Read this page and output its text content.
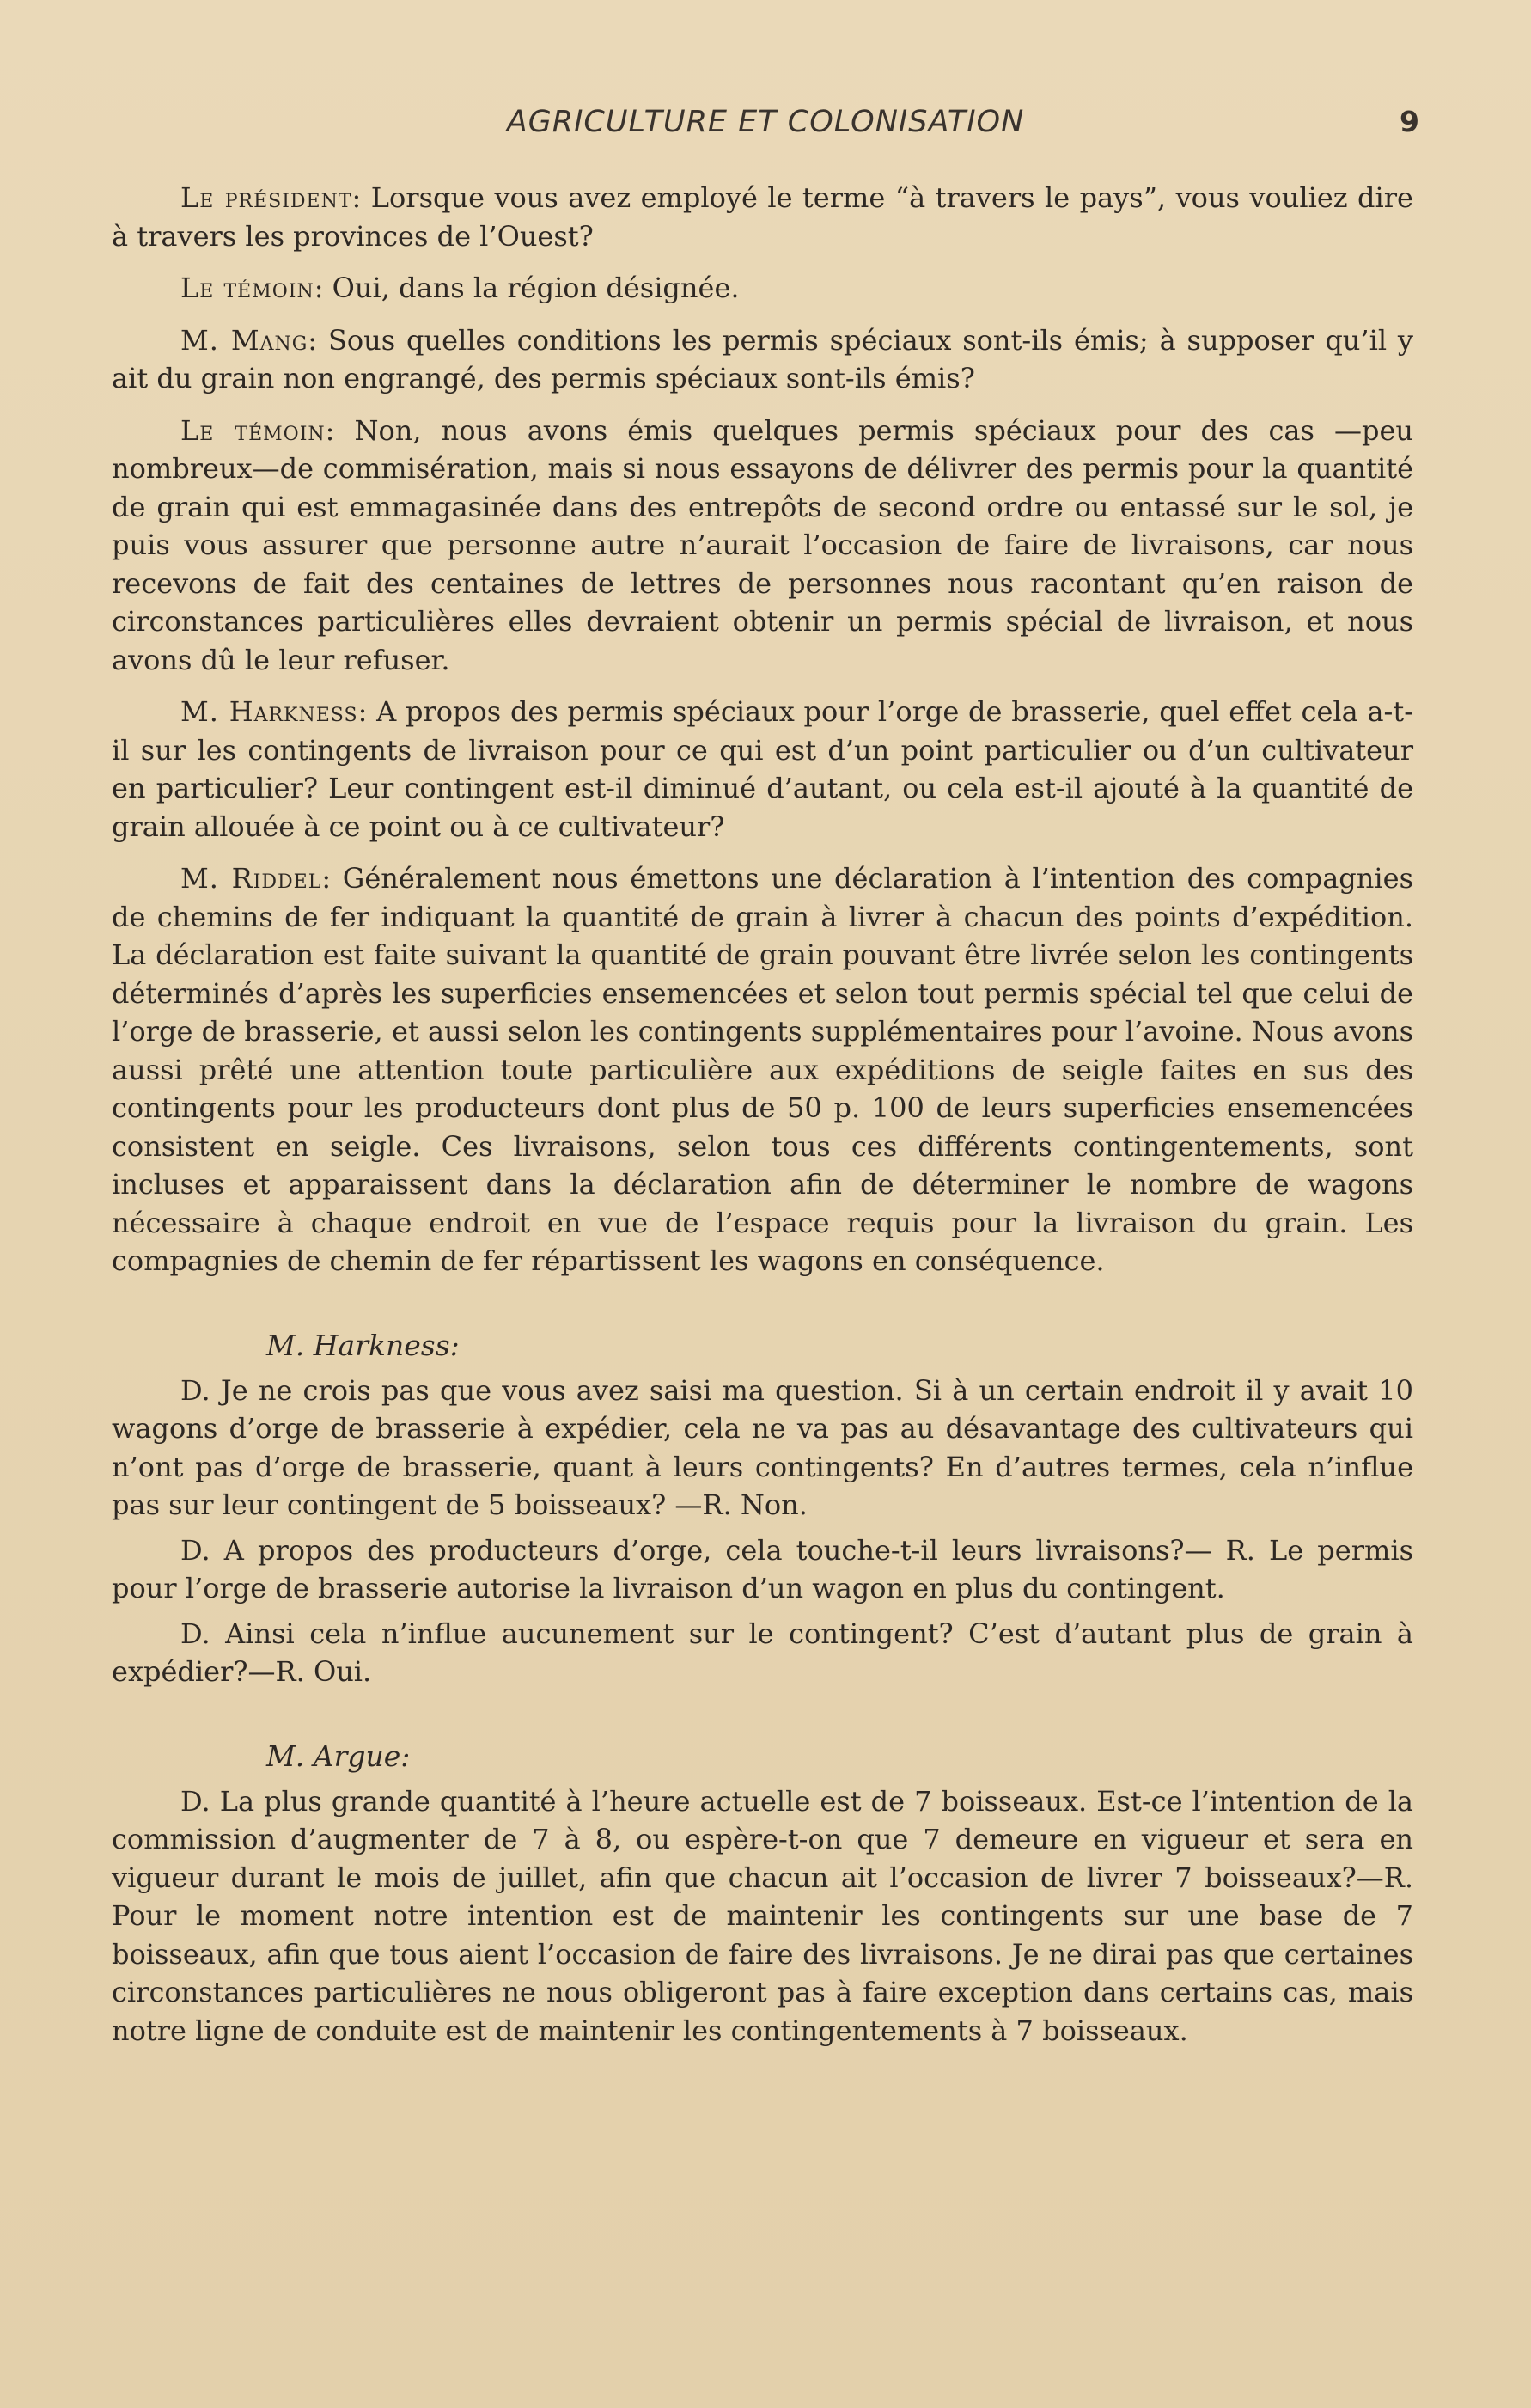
AGRICULTURE ET COLONISATION	9

Le président: Lorsque vous avez employé le terme “à travers le pays”, vous vouliez dire à travers les provinces de l’Ouest?

Le témoin: Oui, dans la région désignée.

M. Mang: Sous quelles conditions les permis spéciaux sont-ils émis; à supposer qu’il y ait du grain non engrangé, des permis spéciaux sont-ils émis?

Le témoin: Non, nous avons émis quelques permis spéciaux pour des cas —peu nombreux—de commisération, mais si nous essayons de délivrer des permis pour la quantité de grain qui est emmagasinée dans des entrepôts de second ordre ou entassé sur le sol, je puis vous assurer que personne autre n’aurait l’occasion de faire de livraisons, car nous recevons de fait des centaines de lettres de personnes nous racontant qu’en raison de circonstances particulières elles devraient obtenir un permis spécial de livraison, et nous avons dû le leur refuser.

M. Harkness: A propos des permis spéciaux pour l’orge de brasserie, quel effet cela a-t-il sur les contingents de livraison pour ce qui est d’un point particulier ou d’un cultivateur en particulier? Leur contingent est-il diminué d’autant, ou cela est-il ajouté à la quantité de grain allouée à ce point ou à ce cultivateur?

M. Riddel: Généralement nous émettons une déclaration à l’intention des compagnies de chemins de fer indiquant la quantité de grain à livrer à chacun des points d’expédition. La déclaration est faite suivant la quantité de grain pouvant être livrée selon les contingents déterminés d’après les superficies ensemencées et selon tout permis spécial tel que celui de l’orge de brasserie, et aussi selon les contingents supplémentaires pour l’avoine. Nous avons aussi prêté une attention toute particulière aux expéditions de seigle faites en sus des contingents pour les producteurs dont plus de 50 p. 100 de leurs superficies ensemencées consistent en seigle. Ces livraisons, selon tous ces différents contingentements, sont incluses et apparaissent dans la déclaration afin de déterminer le nombre de wagons nécessaire à chaque endroit en vue de l’espace requis pour la livraison du grain. Les compagnies de chemin de fer répartissent les wagons en conséquence.

M. Harkness:

D. Je ne crois pas que vous avez saisi ma question. Si à un certain endroit il y avait 10 wagons d’orge de brasserie à expédier, cela ne va pas au désavantage des cultivateurs qui n’ont pas d’orge de brasserie, quant à leurs contingents? En d’autres termes, cela n’influe pas sur leur contingent de 5 boisseaux? —R. Non.

D. A propos des producteurs d’orge, cela touche-t-il leurs livraisons?— R. Le permis pour l’orge de brasserie autorise la livraison d’un wagon en plus du contingent.

D. Ainsi cela n’influe aucunement sur le contingent? C’est d’autant plus de grain à expédier?—R. Oui.

M. Argue:

D. La plus grande quantité à l’heure actuelle est de 7 boisseaux. Est-ce l’intention de la commission d’augmenter de 7 à 8, ou espère-t-on que 7 demeure en vigueur et sera en vigueur durant le mois de juillet, afin que chacun ait l’occasion de livrer 7 boisseaux?—R. Pour le moment notre intention est de maintenir les contingents sur une base de 7 boisseaux, afin que tous aient l’occasion de faire des livraisons. Je ne dirai pas que certaines circonstances particulières ne nous obligeront pas à faire exception dans certains cas, mais notre ligne de conduite est de maintenir les contingentements à 7 boisseaux.
